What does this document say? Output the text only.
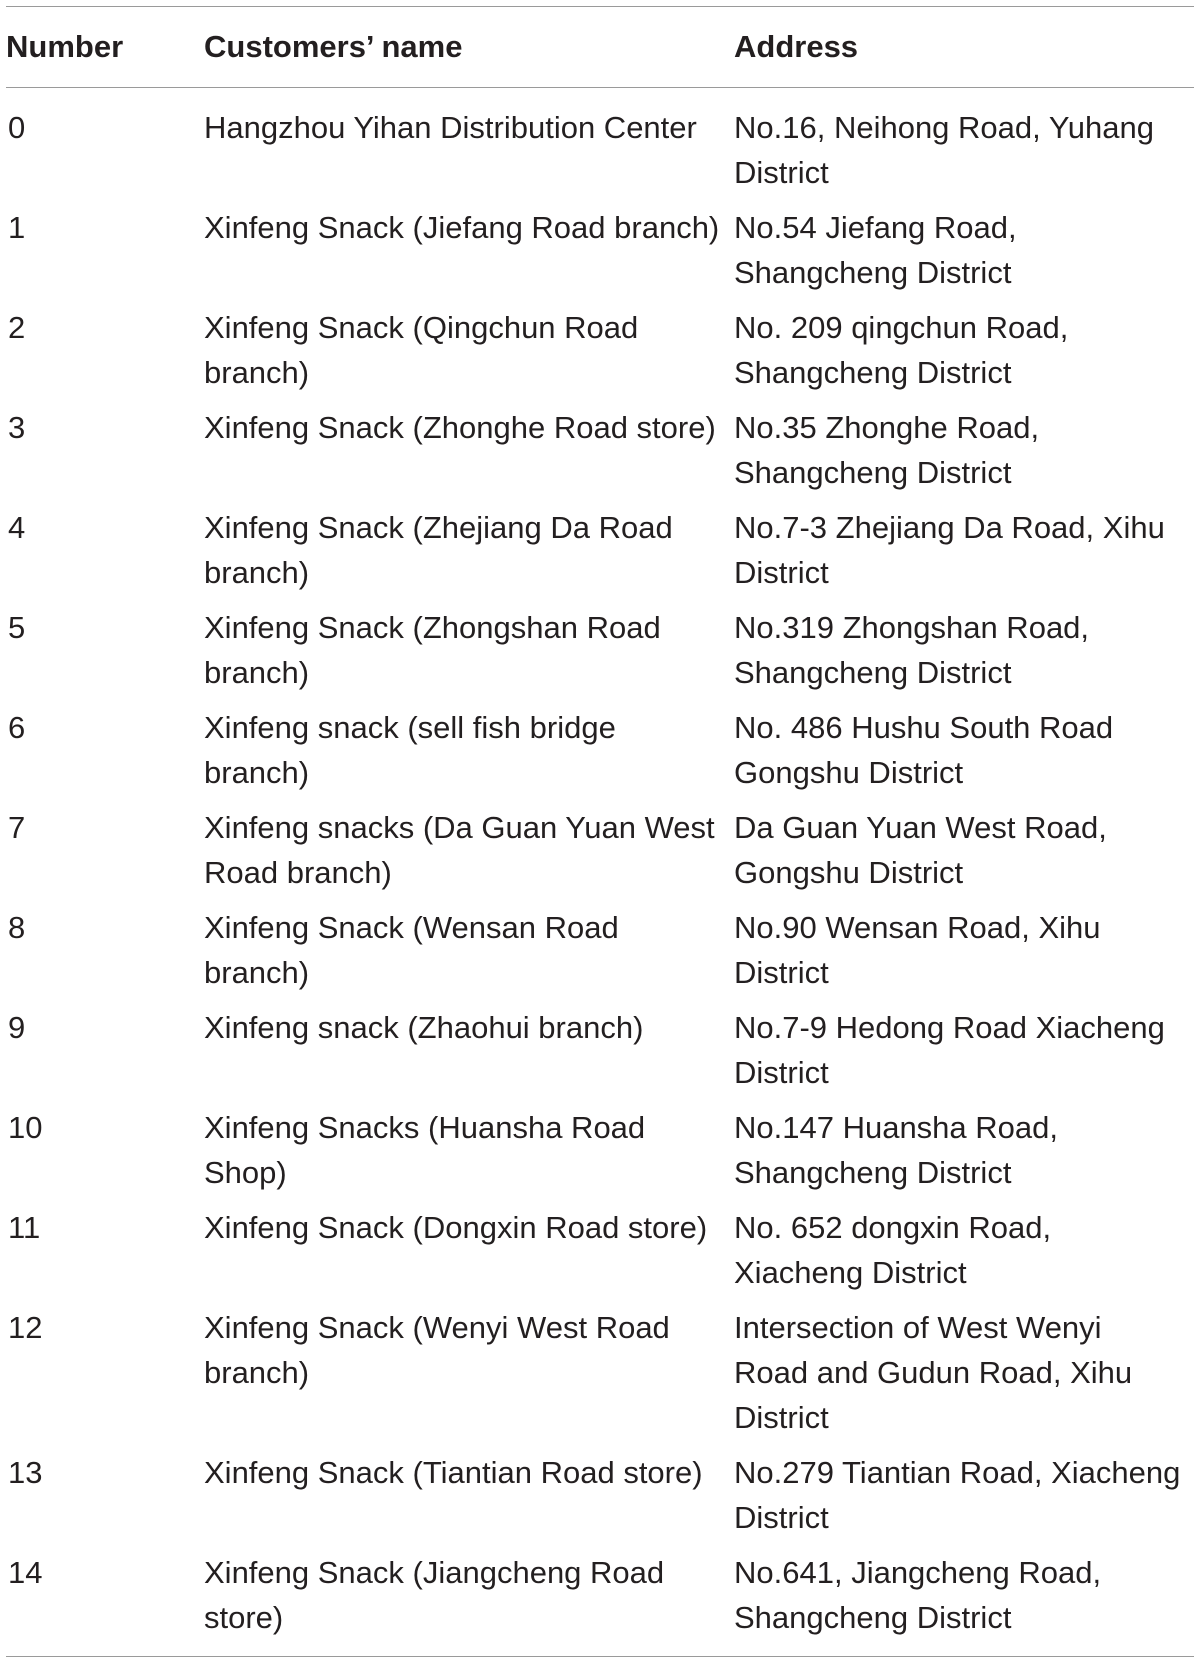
Number	Customers’ name	Address
0	Hangzhou Yihan Distribution Center	No.16, Neihong Road, Yuhang District
1	Xinfeng Snack (Jiefang Road branch)	No.54 Jiefang Road, Shangcheng District
2	Xinfeng Snack (Qingchun Road branch)	No. 209 qingchun Road, Shangcheng District
3	Xinfeng Snack (Zhonghe Road store)	No.35 Zhonghe Road, Shangcheng District
4	Xinfeng Snack (Zhejiang Da Road branch)	No.7-3 Zhejiang Da Road, Xihu District
5	Xinfeng Snack (Zhongshan Road branch)	No.319 Zhongshan Road, Shangcheng District
6	Xinfeng snack (sell fish bridge branch)	No. 486 Hushu South Road Gongshu District
7	Xinfeng snacks (Da Guan Yuan West Road branch)	Da Guan Yuan West Road, Gongshu District
8	Xinfeng Snack (Wensan Road branch)	No.90 Wensan Road, Xihu District
9	Xinfeng snack (Zhaohui branch)	No.7-9 Hedong Road Xiacheng District
10	Xinfeng Snacks (Huansha Road Shop)	No.147 Huansha Road, Shangcheng District
11	Xinfeng Snack (Dongxin Road store)	No. 652 dongxin Road, Xiacheng District
12	Xinfeng Snack (Wenyi West Road branch)	Intersection of West Wenyi Road and Gudun Road, Xihu District
13	Xinfeng Snack (Tiantian Road store)	No.279 Tiantian Road, Xiacheng District
14	Xinfeng Snack (Jiangcheng Road store)	No.641, Jiangcheng Road, Shangcheng District
